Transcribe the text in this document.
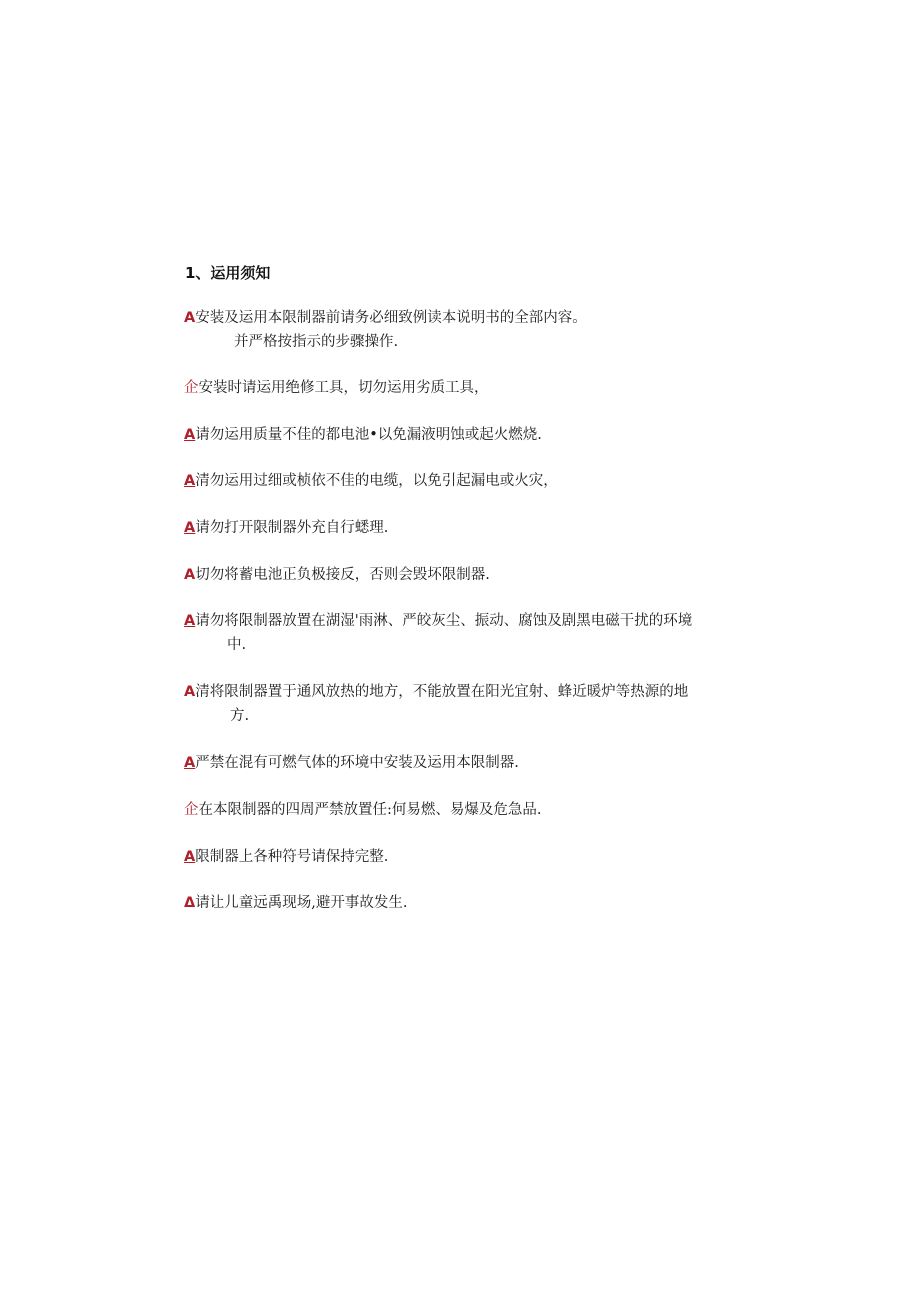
1、运用须知
A安装及运用本限制器前请务必细致例读本说明书的全部内容。
并严格按指示的步骤操作.
企安装时请运用绝修工具，切勿运用劣质工具，
A请勿运用质量不佳的都电池•以免漏液明蚀或起火燃烧.
A清勿运用过细或桢依不佳的电缆，以免引起漏电或火灾，
A请勿打开限制器外充自行蟋理.
A切勿将蓄电池正负极接反，否则会毁坏限制器.
A请勿将限制器放置在湖湿'雨淋、严皎灰尘、振动、腐蚀及剧黑电磁干扰的环境
中.
A清将限制器置于通风放热的地方，不能放置在阳光宜射、蜂近暖炉等热源的地
方.
A严禁在混有可燃气体的环境中安装及运用本限制器.
企在本限制器的四周严禁放置任:何易燃、易爆及危急品.
A限制器上各种符号请保持完整.
Δ请让儿童远禹现场,避开事故发生.
